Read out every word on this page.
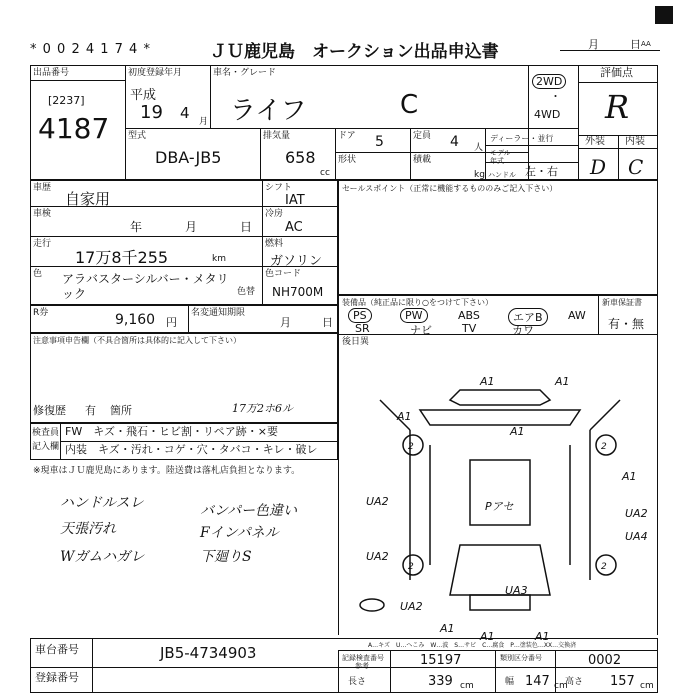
* 0 0 2 4 1 7 4 *	ＪＵ鹿児島　オークション出品申込書	月	日 AA
出品番号
[2237]
4187
初度登録年月
平成
19 4 月
車名・グレード
ライフ	C
2WD
・
4WD
評価点
R
外装 内装
D C
型式
DBA-JB5
排気量
658
cc
ドア 5	定員 4 人
形状	積載
kg
ディーラー・並行
モデル年式
ハンドル 左・右
車歴
自家用
車検
年	月	日
走行
17万8千255	km
色 アラバスターシルバー・メタリック	色替
シフト
IAT
冷房
AC
燃料
ガソリン
色コード
NH700M
セールスポイント（正常に機能するもののみご記入下さい）
R券	9,160 円
名変通知期限
月	日
装備品（純正品に限り○をつけて下さい）	新車保証書
有・無
PS	PW	ABS	エアB	AW
SR	ナビ	TV	カワ
注意事項申告欄（不具合箇所は具体的に記入して下さい）
修復歴 有 箇所	17万2ホ6ル
検査員
記入欄
FW　キズ・飛石・ヒビ割・リペア跡・×要
内装　キズ・汚れ・コゲ・穴・タバコ・キレ・破レ
※現車はＪＵ鹿児島にあります。陸送費は落札店負担となります。
ハンドルスレ
天張汚れ
Wガムハガレ
バンパー色違い
Fインパネル
下廻りS
後日異
A1	A1
A1
A1
A1
A1
UA2
UA2
UA4
UA2
UA2
UA3
A1
A1
Pアセ
2	2
2	2
A…キズ　U…へこみ　W…波　S…サビ　C…腐食　P…塗装色…XX…交換済
車台番号	JB5-4734903
登録番号
記録検査番号
参考	15197	類別区分番号	0002
長さ	339 cm	幅 147 cm
高さ 157 cm
